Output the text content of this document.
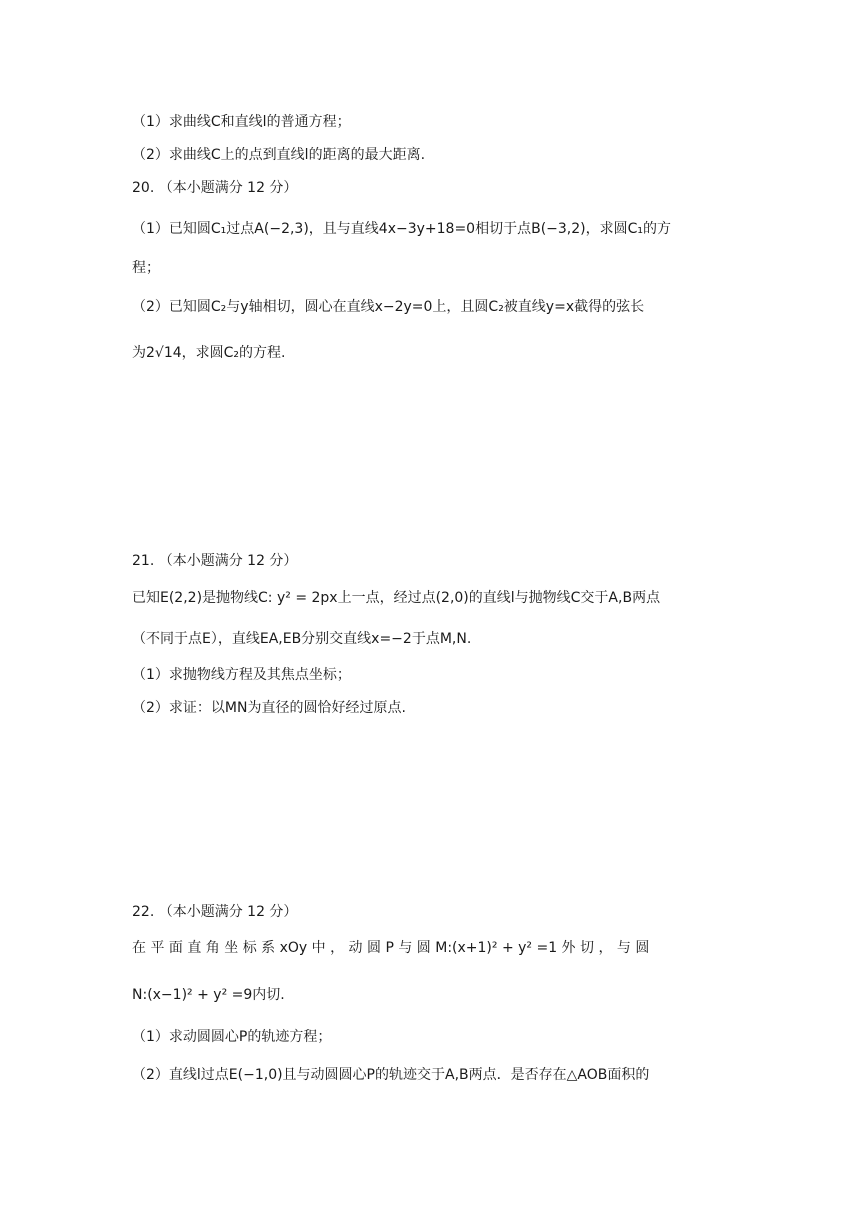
（1）求曲线C和直线l的普通方程；
（2）求曲线C上的点到直线l的距离的最大距离.
20. （本小题满分 12 分）
（1）已知圆C₁过点A(−2,3)，且与直线4x−3y+18=0相切于点B(−3,2)，求圆C₁的方
程；
（2）已知圆C₂与y轴相切，圆心在直线x−2y=0上，且圆C₂被直线y=x截得的弦长
为2√14，求圆C₂的方程.
21. （本小题满分 12 分）
已知E(2,2)是抛物线C: y² = 2px上一点，经过点(2,0)的直线l与抛物线C交于A,B两点
（不同于点E），直线EA,EB分别交直线x=−2于点M,N.
（1）求抛物线方程及其焦点坐标；
（2）求证：以MN为直径的圆恰好经过原点.
22. （本小题满分 12 分）
在 平 面 直 角 坐 标 系 xOy 中 ， 动 圆 P 与 圆 M:(x+1)² + y² =1 外 切 ， 与 圆
N:(x−1)² + y² =9内切.
（1）求动圆圆心P的轨迹方程；
（2）直线l过点E(−1,0)且与动圆圆心P的轨迹交于A,B两点．是否存在△AOB面积的
